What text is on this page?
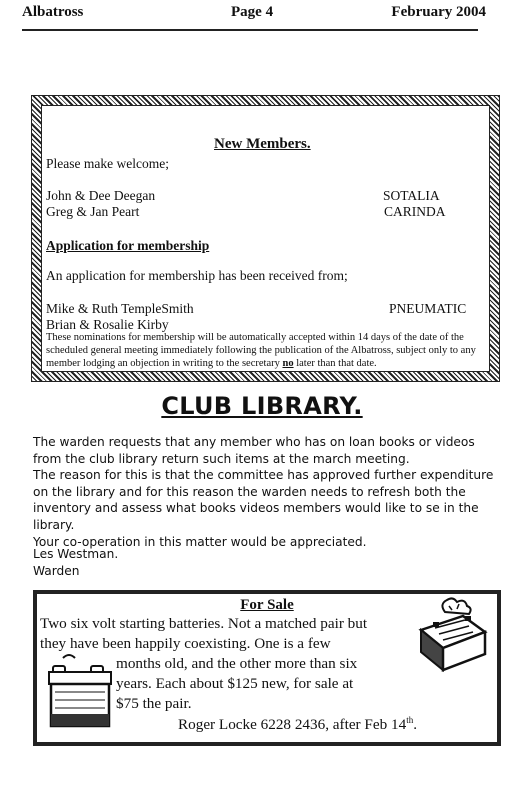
Albatross	Page 4	February 2004
New Members.
Please make welcome;
John & Dee Deegan	SOTALIA
Greg & Jan Peart	CARINDA
Application for membership
An application for membership has been received from;
Mike & Ruth TempleSmith	PNEUMATIC
Brian & Rosalie Kirby
These nominations for membership will be automatically accepted within 14 days of the date of the scheduled general meeting immediately following the publication of the Albatross, subject only to any member lodging an objection in writing to the secretary no later than that date.
CLUB LIBRARY.

The warden requests that any member who has on loan books or videos from the club library return such items at the march meeting.

The reason for this is that the committee has approved further expenditure on the library and for this reason the warden needs to refresh both the inventory and assess what books videos members would like to se in the library.

Your co-operation in this matter would be appreciated.

Les Westman.
Warden
For Sale
Two six volt starting batteries. Not a matched pair but
they have been happily coexisting. One is a few
months old, and the other more than six
years. Each about $125 new, for sale at
$75 the pair.
Roger Locke 6228 2436, after Feb 14th.
